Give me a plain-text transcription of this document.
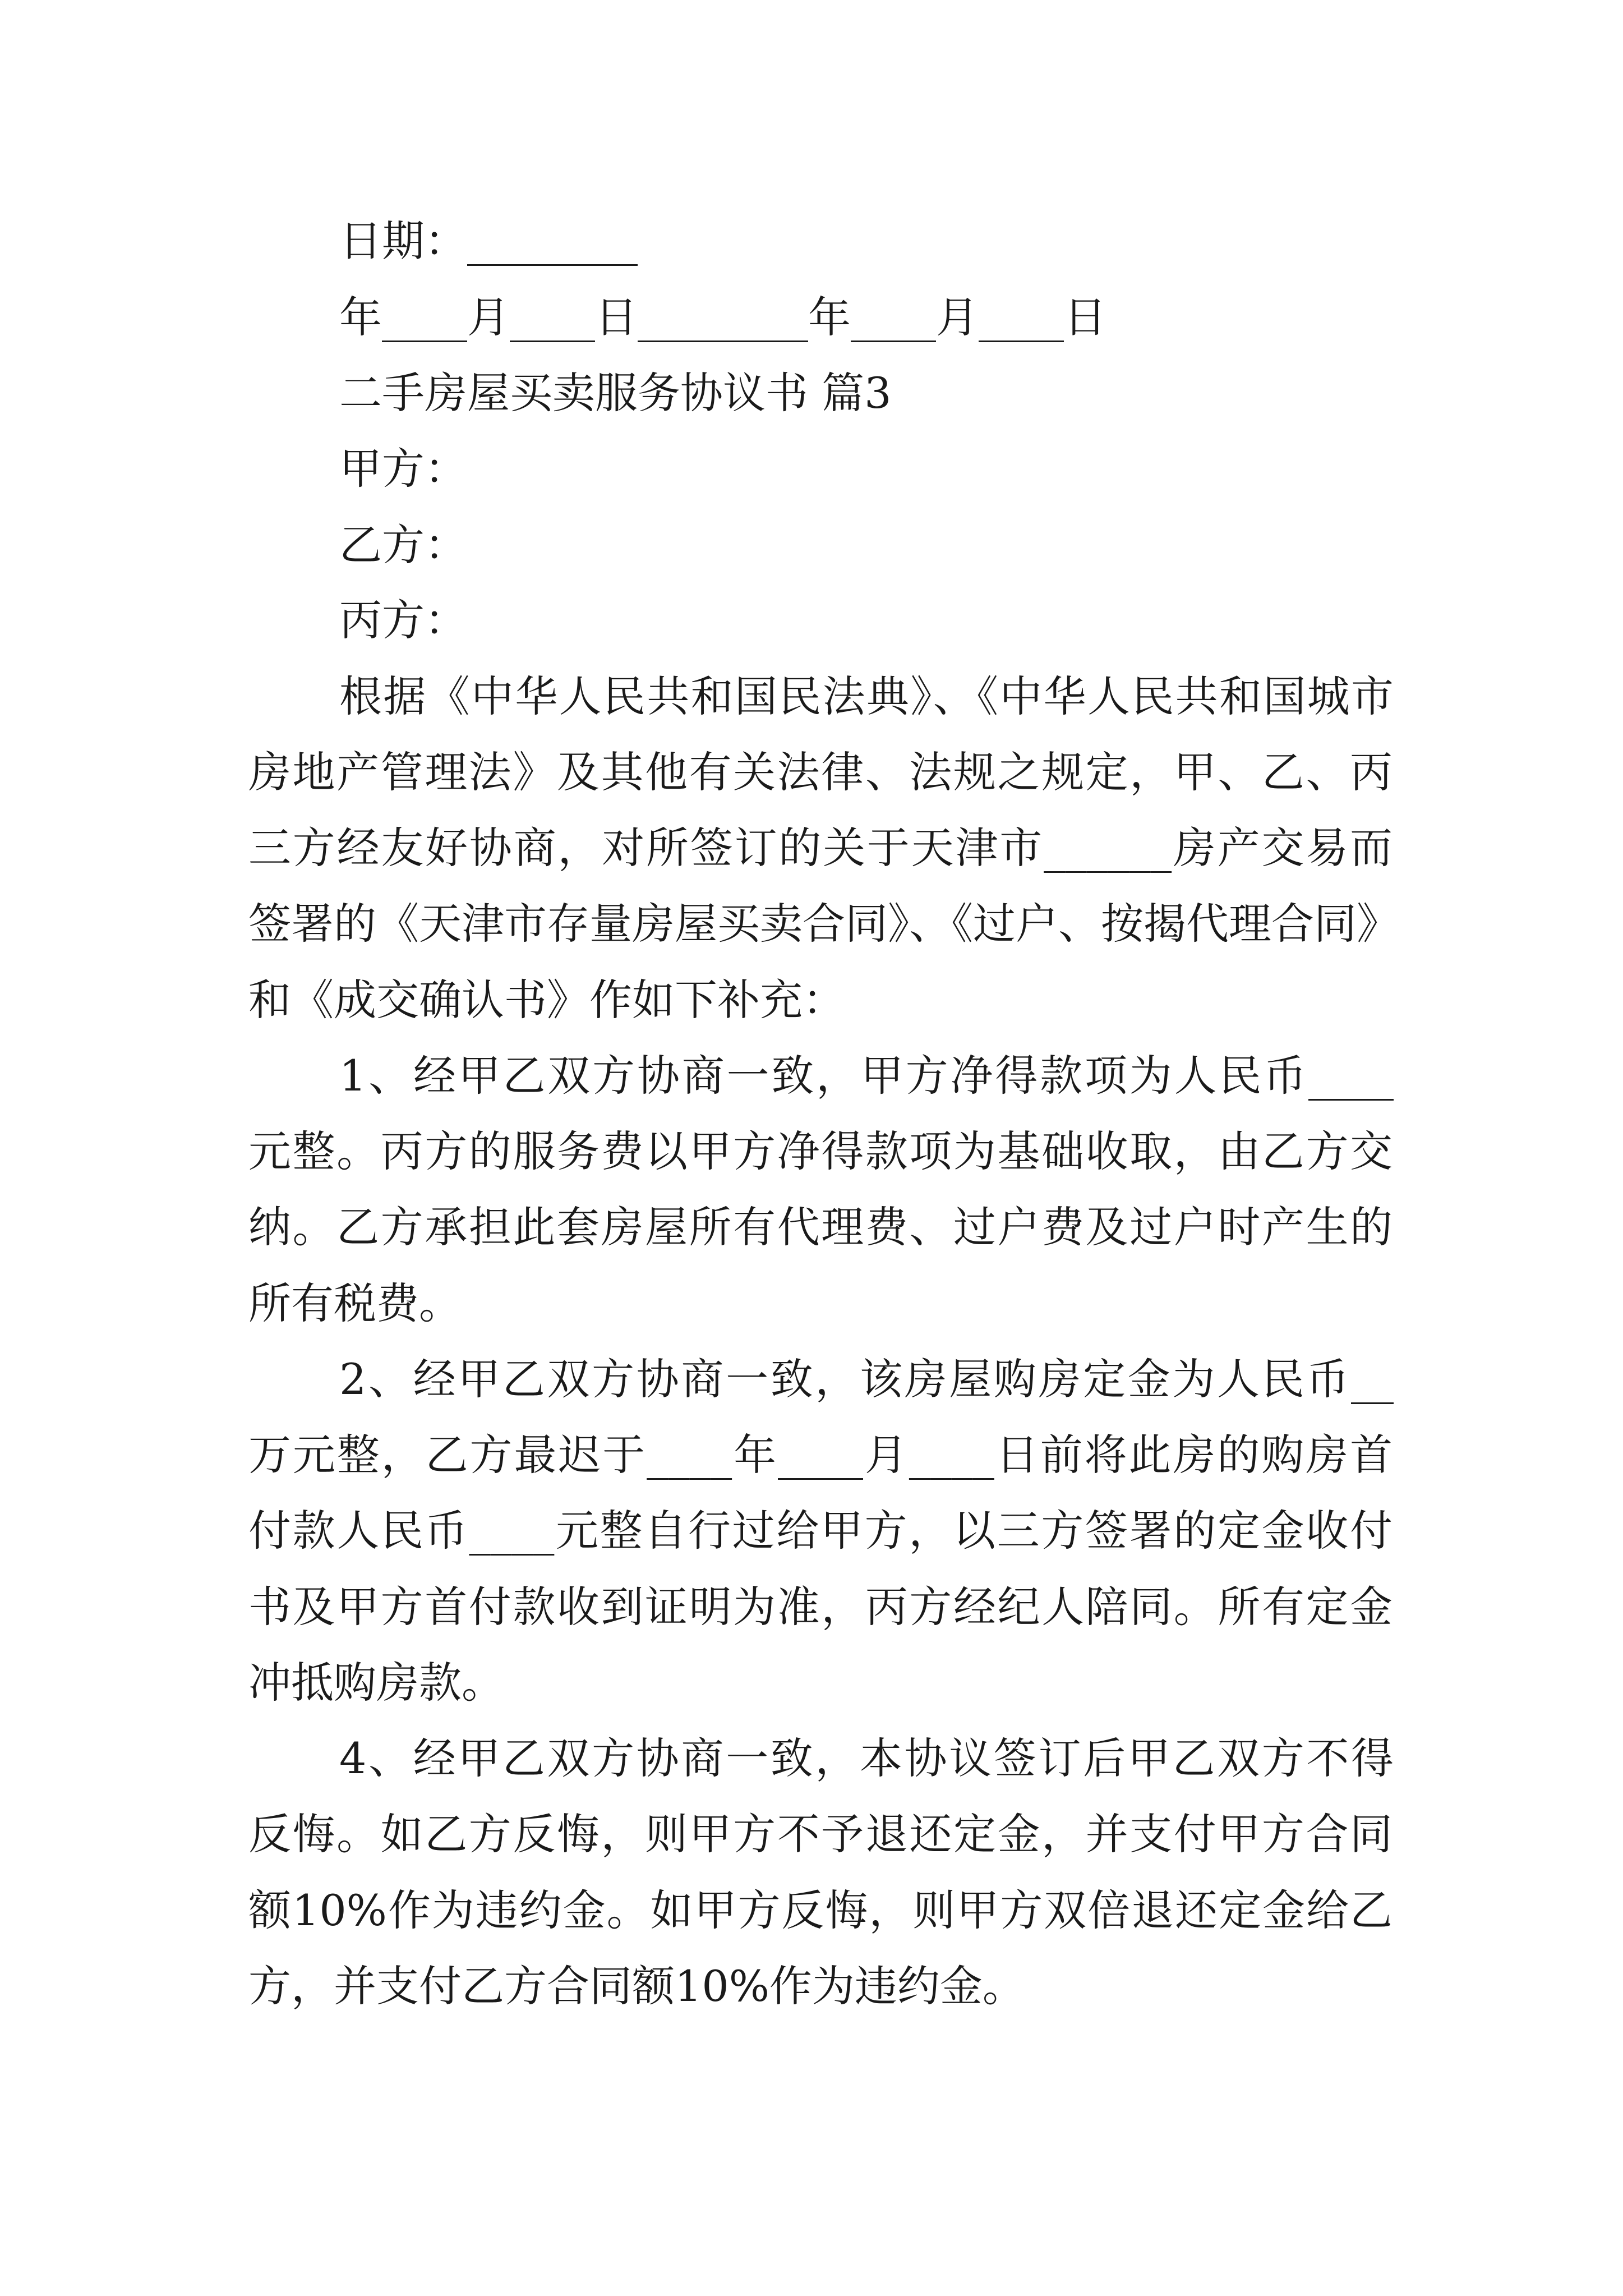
日期：________
年____月____日________年____月____日
二手房屋买卖服务协议书 篇3
甲方：
乙方：
丙方：
根据《中华人民共和国民法典》、《中华人民共和国城市
房地产管理法》及其他有关法律、法规之规定，甲、乙、丙
三方经友好协商，对所签订的关于天津市______房产交易而
签署的《天津市存量房屋买卖合同》、《过户、按揭代理合同》
和《成交确认书》作如下补充：
1、经甲乙双方协商一致，甲方净得款项为人民币____
元整。丙方的服务费以甲方净得款项为基础收取，由乙方交
纳。乙方承担此套房屋所有代理费、过户费及过户时产生的
所有税费。
2、经甲乙双方协商一致，该房屋购房定金为人民币__
万元整，乙方最迟于____年____月____日前将此房的购房首
付款人民币____元整自行过给甲方，以三方签署的定金收付
书及甲方首付款收到证明为准，丙方经纪人陪同。所有定金
冲抵购房款。
4、经甲乙双方协商一致，本协议签订后甲乙双方不得
反悔。如乙方反悔，则甲方不予退还定金，并支付甲方合同
额10%作为违约金。如甲方反悔，则甲方双倍退还定金给乙
方，并支付乙方合同额10%作为违约金。
